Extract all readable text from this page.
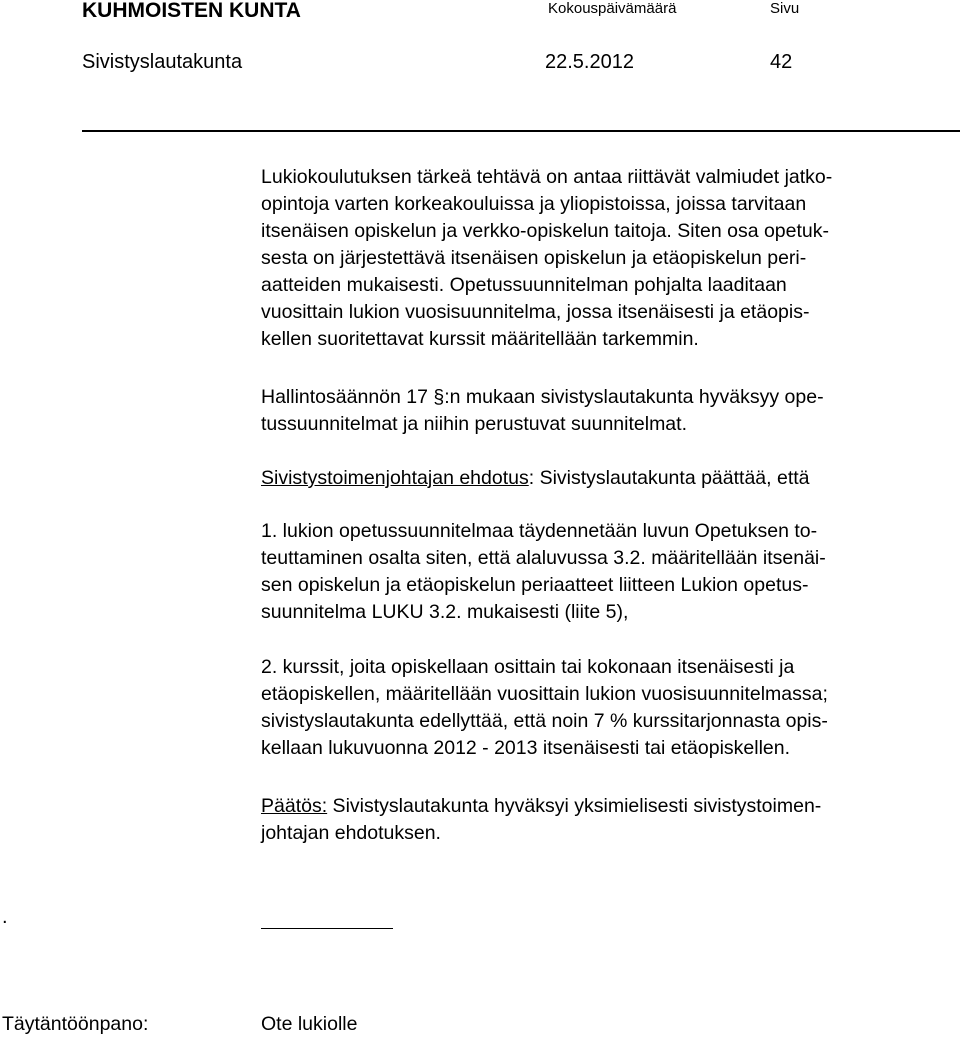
KUHMOISTEN KUNTA	Kokouspäivämäärä	Sivu
Sivistyslautakunta	22.5.2012	42
Lukiokoulutuksen tärkeä tehtävä on antaa riittävät valmiudet jatko-
opintoja varten korkeakouluissa ja yliopistoissa, joissa tarvitaan
itsenäisen opiskelun ja verkko-opiskelun taitoja. Siten osa opetuk-
sesta on järjestettävä itsenäisen opiskelun ja etäopiskelun peri-
aatteiden mukaisesti. Opetussuunnitelman pohjalta laaditaan
vuosittain lukion vuosisuunnitelma, jossa itsenäisesti ja etäopis-
kellen suoritettavat kurssit määritellään tarkemmin.
Hallintosäännön 17 §:n mukaan sivistyslautakunta hyväksyy ope-
tussuunnitelmat ja niihin perustuvat suunnitelmat.
Sivistystoimenjohtajan ehdotus: Sivistyslautakunta päättää, että
1. lukion opetussuunnitelmaa täydennetään luvun Opetuksen to-
teuttaminen osalta siten, että alaluvussa 3.2. määritellään itsenäi-
sen opiskelun ja etäopiskelun periaatteet liitteen Lukion opetus-
suunnitelma LUKU 3.2. mukaisesti (liite 5),
2. kurssit, joita opiskellaan osittain tai kokonaan itsenäisesti ja
etäopiskellen, määritellään vuosittain lukion vuosisuunnitelmassa;
sivistyslautakunta edellyttää, että noin 7 % kurssitarjonnasta opis-
kellaan lukuvuonna 2012 - 2013 itsenäisesti tai etäopiskellen.
Päätös: Sivistyslautakunta hyväksyi yksimielisesti sivistystoimen-
johtajan ehdotuksen.
.
Täytäntöönpano:	Ote lukiolle
